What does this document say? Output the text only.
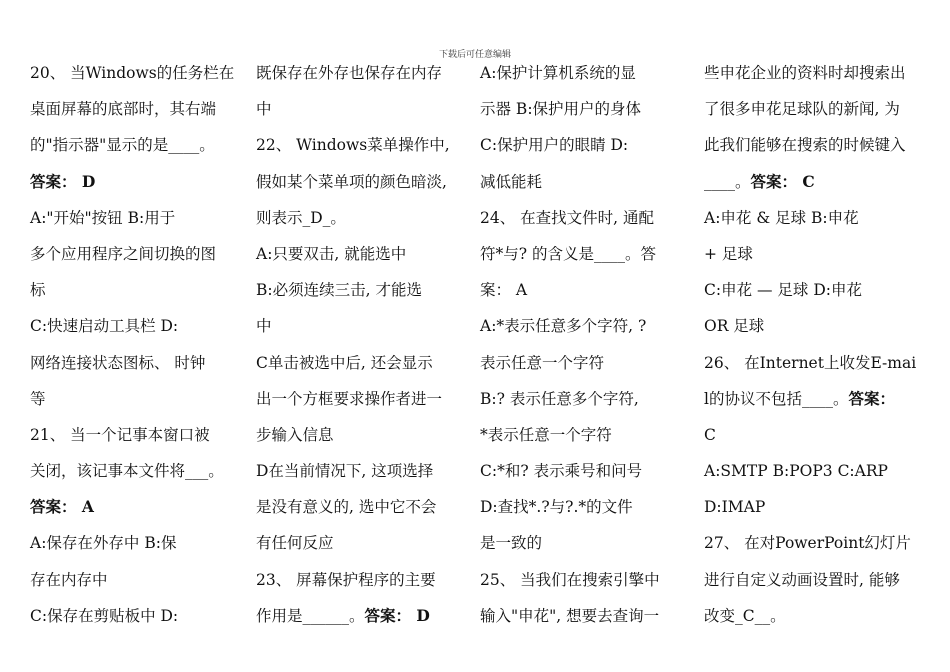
下载后可任意编辑
20、 当Windows的任务栏在
桌面屏幕的底部时，其右端
的"指示器"显示的是____。
答案： D
A:"开始"按钮 B:用于
多个应用程序之间切换的图
标
C:快速启动工具栏 D:
网络连接状态图标、 时钟
等
21、 当一个记事本窗口被
关闭，该记事本文件将___。
答案： A
A:保存在外存中 B:保
存在内存中
C:保存在剪贴板中 D:
既保存在外存也保存在内存
中
22、 Windows菜单操作中,
假如某个菜单项的颜色暗淡,
则表示_D_。
A:只要双击, 就能选中
B:必须连续三击, 才能选
中
C单击被选中后, 还会显示
出一个方框要求操作者进一
步输入信息
D在当前情况下, 这项选择
是没有意义的, 选中它不会
有任何反应
23、 屏幕保护程序的主要
作用是______。答案： D
A:保护计算机系统的显
示器 B:保护用户的身体
C:保护用户的眼睛 D:
减低能耗
24、 在查找文件时, 通配
符*与? 的含义是____。答
案： A
A:*表示任意多个字符, ?
表示任意一个字符
B:? 表示任意多个字符,
*表示任意一个字符
C:*和? 表示乘号和问号
D:查找*.?与?.*的文件
是一致的
25、 当我们在搜索引擎中
输入"申花", 想要去查询一
些申花企业的资料时却搜索出
了很多申花足球队的新闻, 为
此我们能够在搜索的时候键入
____。答案： C
A:申花 & 足球 B:申花
+ 足球
C:申花 — 足球 D:申花
OR 足球
26、 在Internet上收发E-mai
l的协议不包括____。答案：
C
A:SMTP B:POP3 C:ARP
D:IMAP
27、 在对PowerPoint幻灯片
进行自定义动画设置时, 能够
改变_C__。
